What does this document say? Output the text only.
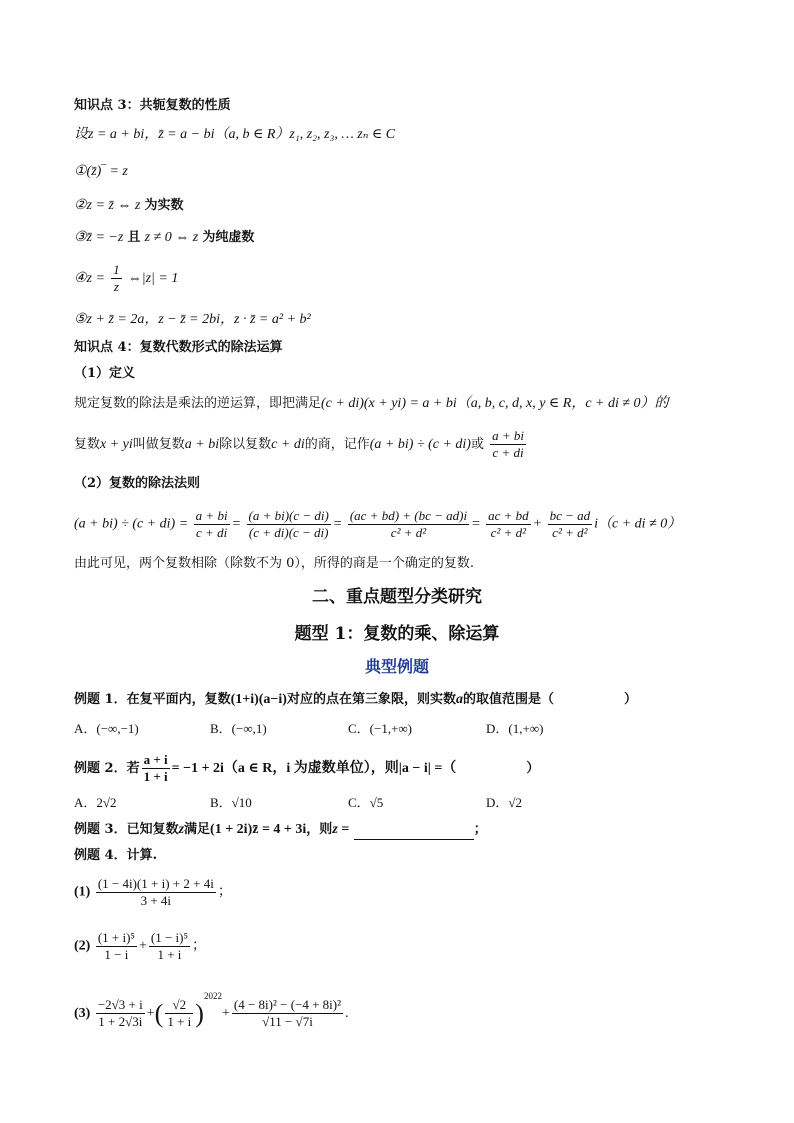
知识点 3：共轭复数的性质
设z = a + bi，z̄ = a − bi（a, b ∈ R）z₁, z₂, z₃, … zₙ ∈ C
①(z̄)‾ = z
②z = z̄ ⇔ z 为实数
③z̄ = −z 且 z ≠ 0 ⇔ z 为纯虚数
④z = $\frac{1}{z}$ ⇔|z| = 1
⑤z + z̄ = 2a，z − z̄ = 2bi，z · z̄ = a² + b²
知识点 4：复数代数形式的除法运算
（1）定义
规定复数的除法是乘法的逆运算，即把满足(c + di)(x + yi) = a + bi（a, b, c, d, x, y ∈ R，c + di ≠ 0）的
复数x + yi叫做复数a + bi除以复数c + di的商，记作(a + bi) ÷ (c + di)或 $\frac{a + bi}{c + di}$
（2）复数的除法法则
$(a + bi) \div (c + di) = \frac{a + bi}{c + di} = \frac{(a + bi)(c - di)}{(c + di)(c - di)} = \frac{(ac + bd) + (bc - ad)i}{\text{c² + d²}} = \frac{ac + bd}{\text{c² + d²}} + \frac{bc - ad}{\text{c² + d²}} i(c$ + di ≠ 0）
由此可见，两个复数相除（除数不为 0），所得的商是一个确定的复数.
二、重点题型分类研究
题型 1：复数的乘、除运算
典型例题
例题 1．在复平面内，复数(1+i)(a−i)对应的点在第三象限，则实数a的取值范围是（	）
A．(−∞,−1)	B．(−∞,1)	C．(−1,+∞)	D．(1,+∞)
例题 2．若 $\frac{a + i}{1 + i} = -1 + 2i(a$ ∈ R，i 为虚数单位），则|a − i| =（	）
A．2√2	B．√10	C．√5	D．√2
例题 3．已知复数z满足(1 + 2i)z̄ = 4 + 3i，则z =	；
例题 4．计算.
$(1) \frac{(1 - 4i)(1 + i) + 2 + 4i}{3 + 4i}$ ；
$(2) \frac{\text{(1 + i)⁵}}{1 - i} + \frac{\text{(1 − i)⁵}}{1 + i}$ ；
$(3) \frac{-2√3 + i}{1 + 2√3i}$ +( $\frac{√2}{1 + i} )^{2022}+ \frac{\text{(4 − 8i)² − (−4 + 8i)²}}{√11 - √7i}$ .
